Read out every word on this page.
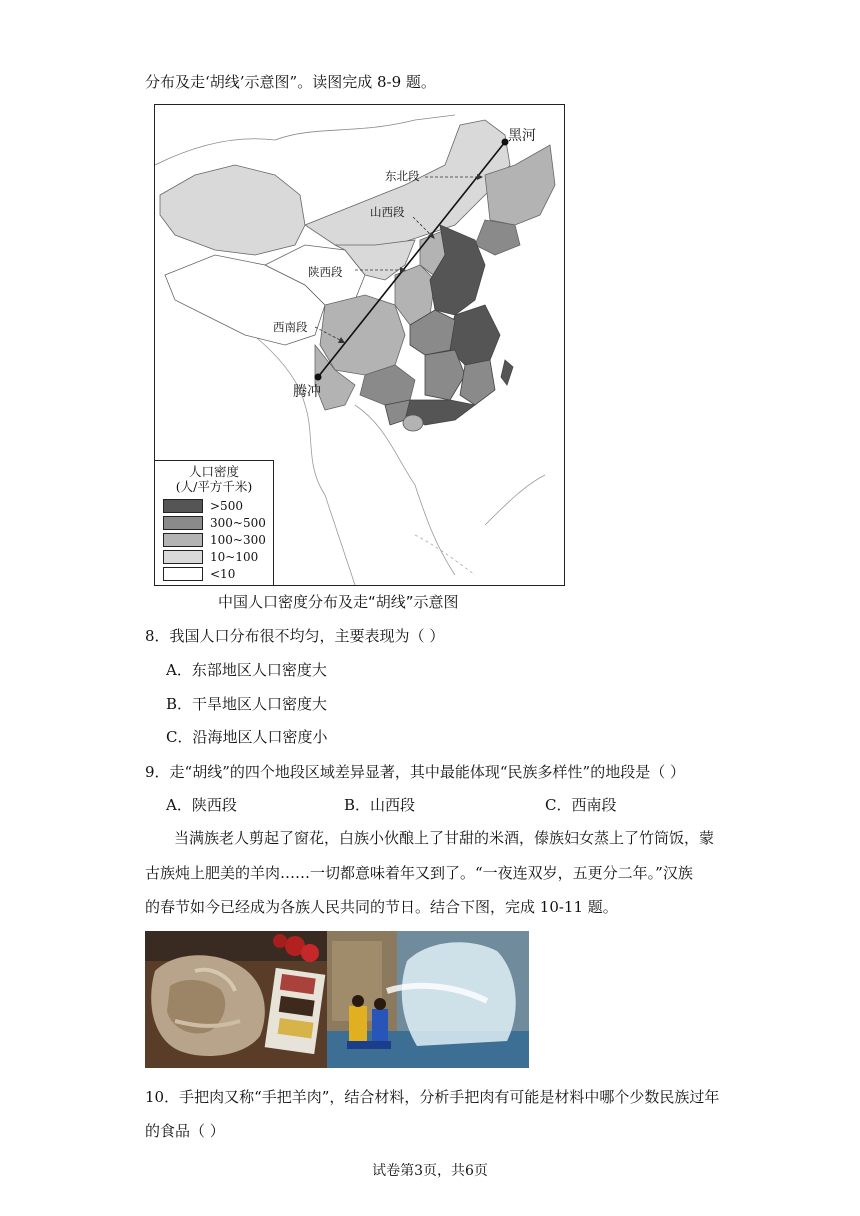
分布及走‘胡线’示意图”。读图完成 8-9 题。
黑河
腾冲
东北段
山西段
陕西段
西南段
人口密度
(人/平方千米)
>500
300~500
100~300
10~100
<10
中国人口密度分布及走“胡线”示意图
8．我国人口分布很不均匀，主要表现为（ ）
A．东部地区人口密度大
B．干旱地区人口密度大
C．沿海地区人口密度小
9．走“胡线”的四个地段区域差异显著，其中最能体现“民族多样性”的地段是（ ）
A．陕西段	B．山西段	C．西南段
当满族老人剪起了窗花，白族小伙酿上了甘甜的米酒，傣族妇女蒸上了竹筒饭，蒙
古族炖上肥美的羊肉……一切都意味着年又到了。“一夜连双岁，五更分二年。”汉族
的春节如今已经成为各族人民共同的节日。结合下图，完成 10-11 题。
10．手把肉又称“手把羊肉”，结合材料，分析手把肉有可能是材料中哪个少数民族过年
的食品（ ）
试卷第3页，共6页
